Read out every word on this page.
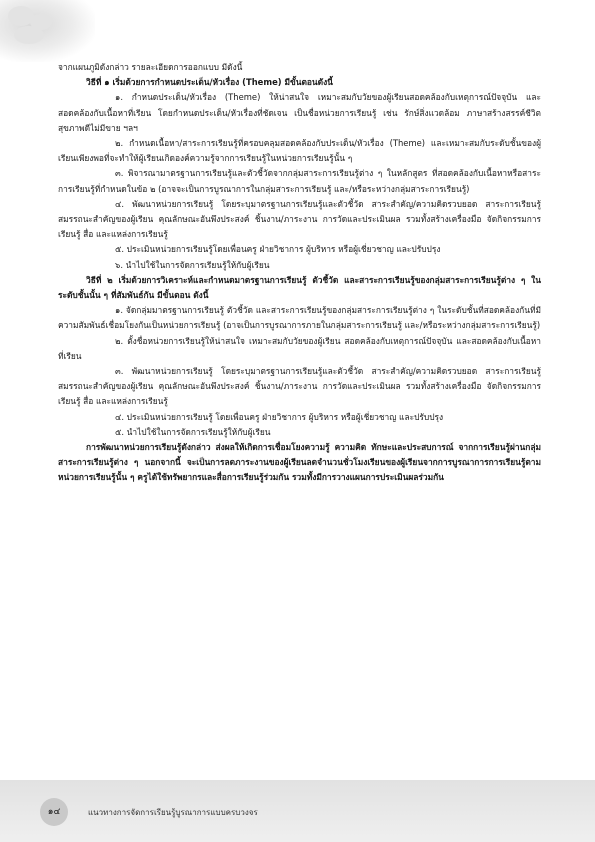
จากแผนภูมิดังกล่าว รายละเอียดการออกแบบ มีดังนี้

วิธีที่ ๑ เริ่มด้วยการกำหนดประเด็น/หัวเรื่อง (Theme) มีขั้นตอนดังนี้

๑. กำหนดประเด็น/หัวเรื่อง (Theme) ให้น่าสนใจ เหมาะสมกับวัยของผู้เรียนสอดคล้องกับเหตุการณ์ปัจจุบัน และสอดคล้องกับเนื้อหาที่เรียน โดยกำหนดประเด็น/หัวเรื่องที่ชัดเจน เป็นชื่อหน่วยการเรียนรู้ เช่น รักษ์สิ่งแวดล้อม ภาษาสร้างสรรค์ชีวิต สุขภาพดีไม่มีขาย ฯลฯ

๒. กำหนดเนื้อหา/สาระการเรียนรู้ที่ครอบคลุมสอดคล้องกับประเด็น/หัวเรื่อง (Theme) และเหมาะสมกับระดับชั้นของผู้เรียนเพียงพอที่จะทำให้ผู้เรียนเกิดองค์ความรู้จากการเรียนรู้ในหน่วยการเรียนรู้นั้น ๆ

๓. พิจารณามาตรฐานการเรียนรู้และตัวชี้วัดจากกลุ่มสาระการเรียนรู้ต่าง ๆ ในหลักสูตร ที่สอดคล้องกับเนื้อหาหรือสาระการเรียนรู้ที่กำหนดในข้อ ๒ (อาจจะเป็นการบูรณาการในกลุ่มสาระการเรียนรู้ และ/หรือระหว่างกลุ่มสาระการเรียนรู้)

๔. พัฒนาหน่วยการเรียนรู้ โดยระบุมาตรฐานการเรียนรู้และตัวชี้วัด สาระสำคัญ/ความคิดรวบยอด สาระการเรียนรู้ สมรรถนะสำคัญของผู้เรียน คุณลักษณะอันพึงประสงค์ ชิ้นงาน/ภาระงาน การวัดและประเมินผล รวมทั้งสร้างเครื่องมือ จัดกิจกรรมการเรียนรู้ สื่อ และแหล่งการเรียนรู้

๕. ประเมินหน่วยการเรียนรู้โดยเพื่อนครู ฝ่ายวิชาการ ผู้บริหาร หรือผู้เชี่ยวชาญ และปรับปรุง

๖. นำไปใช้ในการจัดการเรียนรู้ให้กับผู้เรียน

วิธีที่ ๒ เริ่มด้วยการวิเคราะห์และกำหนดมาตรฐานการเรียนรู้ ตัวชี้วัด และสาระการเรียนรู้ของกลุ่มสาระการเรียนรู้ต่าง ๆ ในระดับชั้นนั้น ๆ ที่สัมพันธ์กัน มีขั้นตอน ดังนี้

๑. จัดกลุ่มมาตรฐานการเรียนรู้ ตัวชี้วัด และสาระการเรียนรู้ของกลุ่มสาระการเรียนรู้ต่าง ๆ ในระดับชั้นที่สอดคล้องกันที่มีความสัมพันธ์เชื่อมโยงกันเป็นหน่วยการเรียนรู้ (อาจเป็นการบูรณาการภายในกลุ่มสาระการเรียนรู้ และ/หรือระหว่างกลุ่มสาระการเรียนรู้)

๒. ตั้งชื่อหน่วยการเรียนรู้ให้น่าสนใจ เหมาะสมกับวัยของผู้เรียน สอดคล้องกับเหตุการณ์ปัจจุบัน และสอดคล้องกับเนื้อหาที่เรียน

๓. พัฒนาหน่วยการเรียนรู้ โดยระบุมาตรฐานการเรียนรู้และตัวชี้วัด สาระสำคัญ/ความคิดรวบยอด สาระการเรียนรู้ สมรรถนะสำคัญของผู้เรียน คุณลักษณะอันพึงประสงค์ ชิ้นงาน/ภาระงาน การวัดและประเมินผล รวมทั้งสร้างเครื่องมือ จัดกิจกรรมการเรียนรู้ สื่อ และแหล่งการเรียนรู้

๔. ประเมินหน่วยการเรียนรู้ โดยเพื่อนครู ฝ่ายวิชาการ ผู้บริหาร หรือผู้เชี่ยวชาญ และปรับปรุง

๕. นำไปใช้ในการจัดการเรียนรู้ให้กับผู้เรียน

การพัฒนาหน่วยการเรียนรู้ดังกล่าว ส่งผลให้เกิดการเชื่อมโยงความรู้ ความคิด ทักษะและประสบการณ์ จากการเรียนรู้ผ่านกลุ่มสาระการเรียนรู้ต่าง ๆ นอกจากนี้ จะเป็นการลดภาระงานของผู้เรียนลดจำนวนชั่วโมงเรียนของผู้เรียนจากการบูรณาการการเรียนรู้ตามหน่วยการเรียนรู้นั้น ๆ ครูได้ใช้ทรัพยากรและสื่อการเรียนรู้ร่วมกัน รวมทั้งมีการวางแผนการประเมินผลร่วมกัน

๑๔	แนวทางการจัดการเรียนรู้บูรณาการแบบครบวงจร
